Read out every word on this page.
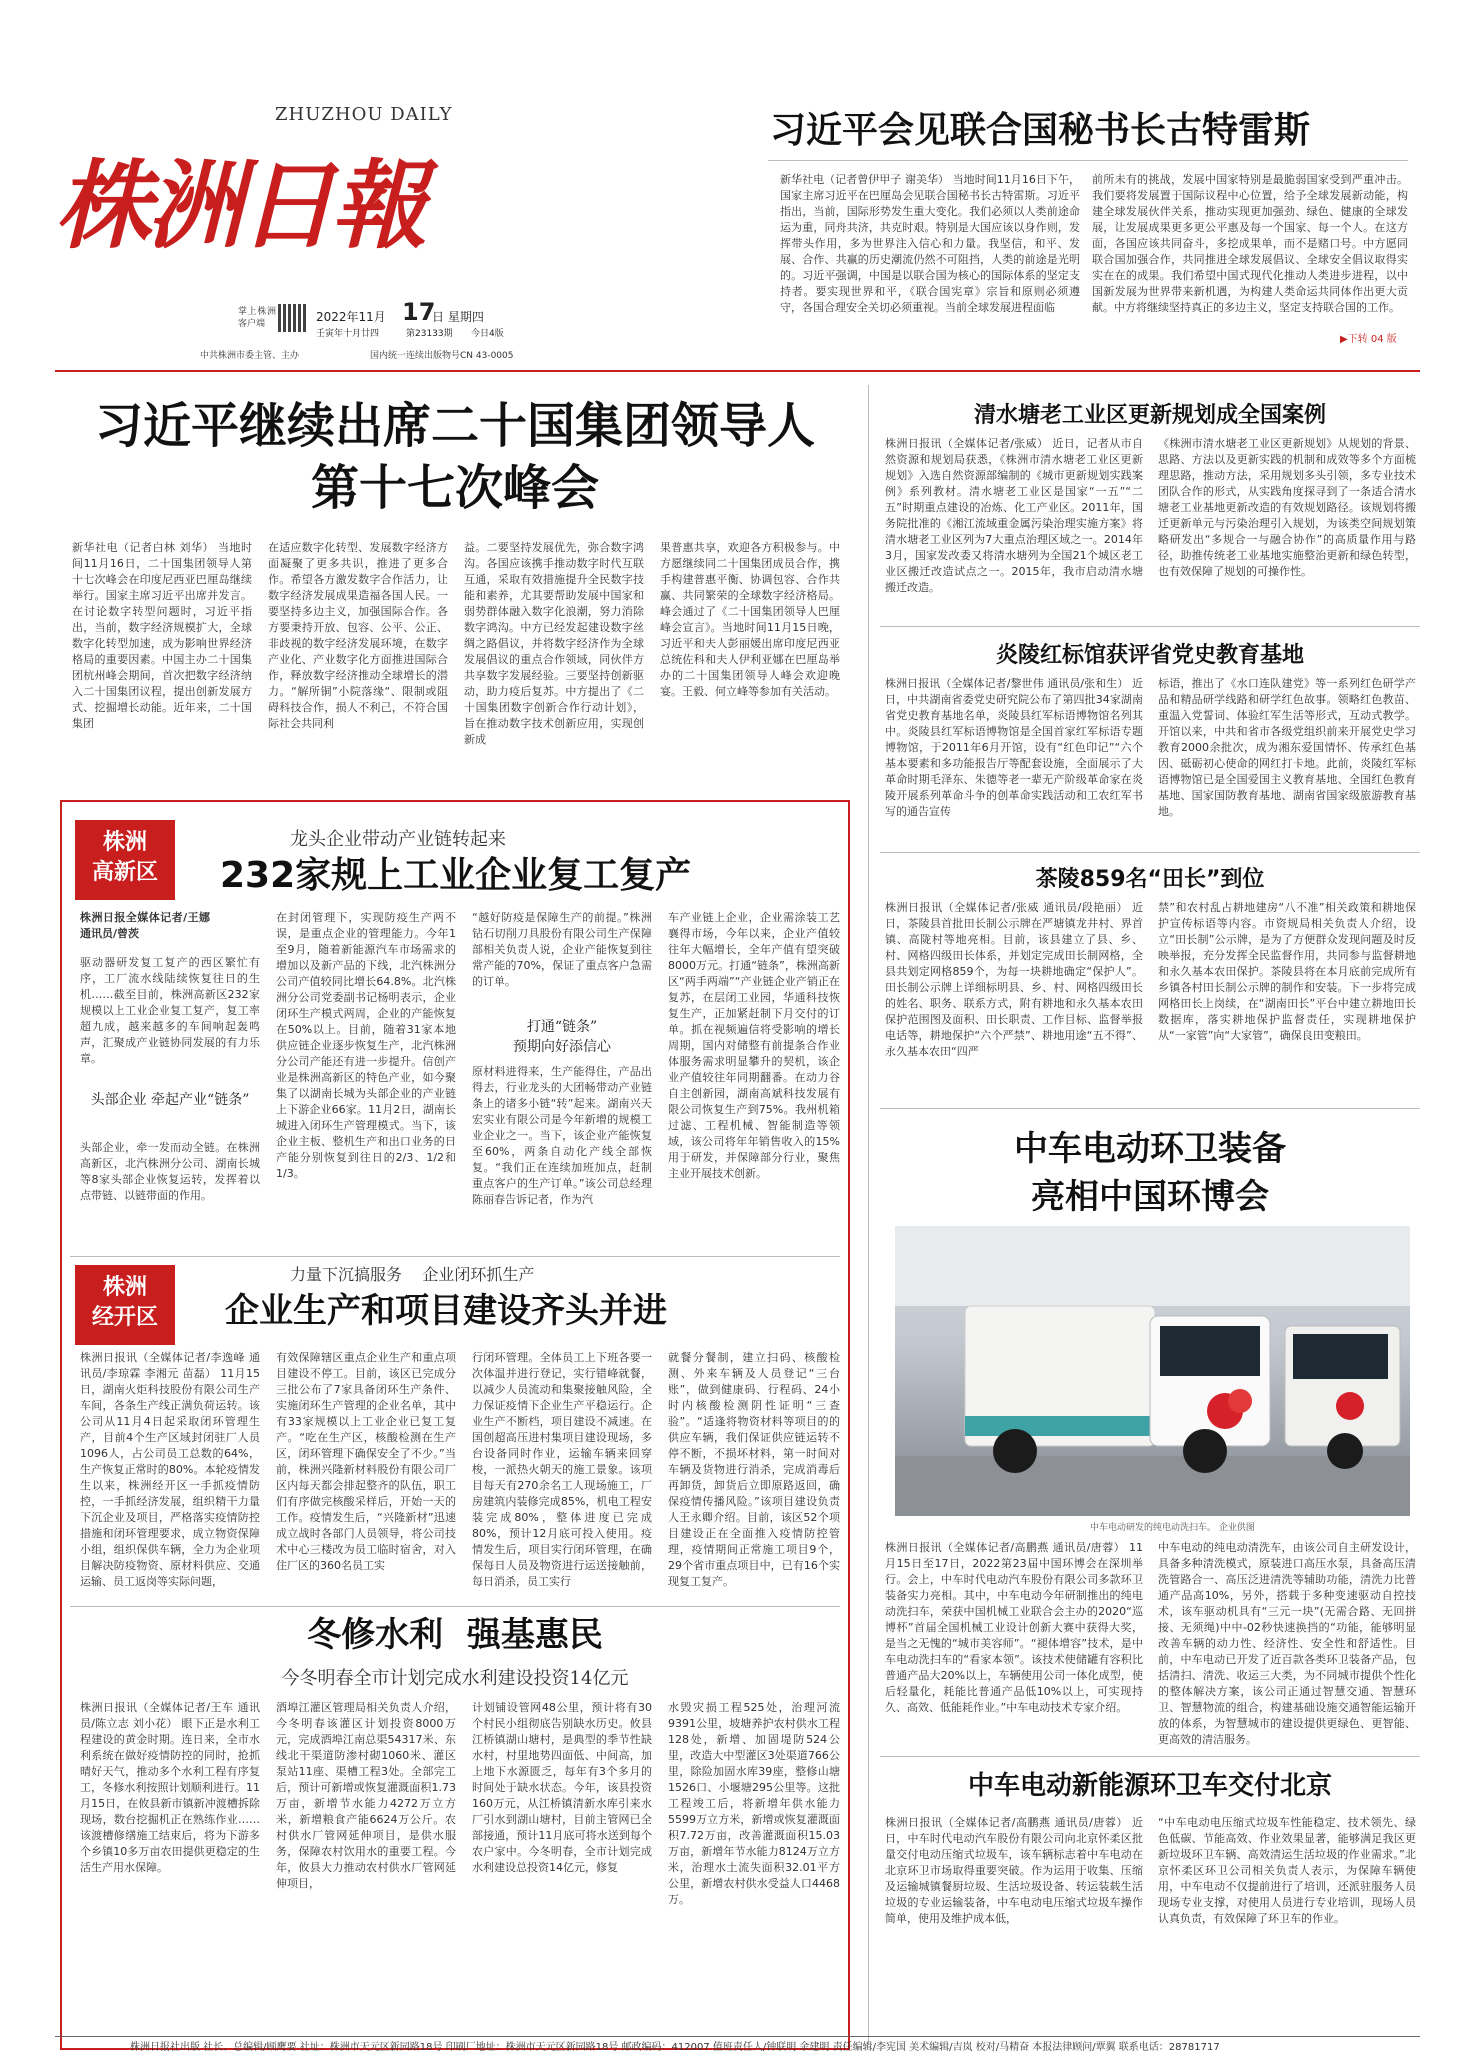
ZHUZHOU DAILY
株洲日報
掌上株洲客户端	2022年11月 17
日 星期四
壬寅年十月廿四	第23133期 今日4版
中共株洲市委主管、主办	国内统一连续出版物号CN 43-0005
习近平会见联合国秘书长古特雷斯
新华社电（记者曾伊甲子 谢美华） 当地时间11月16日下午，国家主席习近平在巴厘岛会见联合国秘书长古特雷斯。习近平指出，当前，国际形势发生重大变化。我们必须以人类前途命运为重，同舟共济，共克时艰。特别是大国应该以身作则，发挥带头作用，多为世界注入信心和力量。我坚信，和平、发展、合作、共赢的历史潮流仍然不可阻挡，人类的前途是光明的。习近平强调，中国是以联合国为核心的国际体系的坚定支持者。要实现世界和平，《联合国宪章》宗旨和原则必须遵守，各国合理安全关切必须重视。当前全球发展进程面临
前所未有的挑战，发展中国家特别是最脆弱国家受到严重冲击。我们要将发展置于国际议程中心位置，给予全球发展新动能，构建全球发展伙伴关系，推动实现更加强劲、绿色、健康的全球发展，让发展成果更多更公平惠及每一个国家、每一个人。在这方面，各国应该共同奋斗，多挖成果单，而不是赌口号。中方愿同联合国加强合作，共同推进全球发展倡议、全球安全倡议取得实实在在的成果。我们希望中国式现代化推动人类进步进程，以中国新发展为世界带来新机遇，为构建人类命运共同体作出更大贡献。中方将继续坚持真正的多边主义，坚定支持联合国的工作。
▶下转 04 版
习近平继续出席二十国集团领导人
第十七次峰会
新华社电（记者白林 刘华） 当地时间11月16日，二十国集团领导人第十七次峰会在印度尼西亚巴厘岛继续举行。国家主席习近平出席并发言。在讨论数字转型问题时，习近平指出，当前，数字经济规模扩大，全球数字化转型加速，成为影响世界经济格局的重要因素。中国主办二十国集团杭州峰会期间，首次把数字经济纳入二十国集团议程，提出创新发展方式、挖掘增长动能。近年来，二十国集团
在适应数字化转型、发展数字经济方面凝聚了更多共识，推进了更多合作。希望各方激发数字合作活力，让数字经济发展成果造福各国人民。一要坚持多边主义，加强国际合作。各方要秉持开放、包容、公平、公正、非歧视的数字经济发展环境，在数字产业化、产业数字化方面推进国际合作，释放数字经济推动全球增长的潜力。“解所铜”小院落缘“、限制或阻碍科技合作，损人不利己，不符合国际社会共同利
益。二要坚持发展优先，弥合数字鸿沟。各国应该携手推动数字时代互联互通，采取有效措施提升全民数字技能和素养，尤其要帮助发展中国家和弱势群体融入数字化浪潮，努力消除数字鸿沟。中方已经发起建设数字丝绸之路倡议，并将数字经济作为全球发展倡议的重点合作领域，同伙伴方共享数字发展经验。三要坚持创新驱动，助力疫后复苏。中方提出了《二十国集团数字创新合作行动计划》，旨在推动数字技术创新应用，实现创新成
果普惠共享，欢迎各方积极参与。中方愿继续同二十国集团成员合作，携手构建普惠平衡、协调包容、合作共赢、共同繁荣的全球数字经济格局。峰会通过了《二十国集团领导人巴厘峰会宣言》。当地时间11月15日晚，习近平和夫人彭丽媛出席印度尼西亚总统佐科和夫人伊利亚娜在巴厘岛举办的二十国集团领导人峰会欢迎晚宴。王毅、何立峰等参加有关活动。
清水塘老工业区更新规划成全国案例
株洲日报讯（全媒体记者/张威） 近日，记者从市自然资源和规划局获悉，《株洲市清水塘老工业区更新规划》入选自然资源部编制的《城市更新规划实践案例》系列教材。清水塘老工业区是国家“一五”“二五”时期重点建设的冶炼、化工产业区。2011年，国务院批准的《湘江流域重金属污染治理实施方案》将清水塘老工业区列为7大重点治理区域之一。2014年3月，国家发改委又将清水塘列为全国21个城区老工业区搬迁改造试点之一。2015年，我市启动清水塘搬迁改造。
《株洲市清水塘老工业区更新规划》从规划的背景、思路、方法以及更新实践的机制和成效等多个方面梳理思路，推动方法，采用规划多头引领，多专业技术团队合作的形式，从实践角度探寻到了一条适合清水塘老工业基地更新改造的有效规划路径。该规划将搬迁更新单元与污染治理引入规划，为该类空间规划策略研发出“多规合一与融合协作”的高质量作用与路径，助推传统老工业基地实施整治更新和绿色转型，也有效保障了规划的可操作性。
炎陵红标馆获评省党史教育基地
株洲日报讯（全媒体记者/黎世伟 通讯员/张和生） 近日，中共湖南省委党史研究院公布了第四批34家湖南省党史教育基地名单，炎陵县红军标语博物馆名列其中。炎陵县红军标语博物馆是全国首家红军标语专题博物馆，于2011年6月开馆，设有“红色印记”“六个基本要素和多功能报告厅等配套设施，全面展示了大革命时期毛泽东、朱德等老一辈无产阶级革命家在炎陵开展系列革命斗争的创革命实践活动和工农红军书写的通告宣传
标语，推出了《水口连队建党》等一系列红色研学产品和精品研学线路和研学红色故事。领略红色教苗、重温入党誓词、体验红军生活等形式，互动式教学。开馆以来，中共和省市各级党组织前来开展党史学习教育2000余批次，成为湘东爱国情怀、传承红色基因、砥砺初心使命的网红打卡地。此前，炎陵红军标语博物馆已是全国爱国主义教育基地、全国红色教育基地、国家国防教育基地、湖南省国家级旅游教育基地。
茶陵859名“田长”到位
株洲日报讯（全媒体记者/张威 通讯员/段艳丽） 近日，茶陵县首批田长制公示牌在严塘镇龙井村、界首镇、高陇村等地亮相。目前，该县建立了县、乡、村、网格四级田长体系，并划定完成田长制网格，全县共划定网格859个，为每一块耕地确定“保护人”。田长制公示牌上详细标明县、乡、村、网格四级田长的姓名、职务、联系方式，附有耕地和永久基本农田保护范围图及面积、田长职责、工作目标、监督举报电话等，耕地保护“六个严禁”、耕地用途“五不得”、永久基本农田“四严
禁”和农村乱占耕地建房“八不准”相关政策和耕地保护宣传标语等内容。市资规局相关负责人介绍，设立“田长制”公示牌，是为了方便群众发现问题及时反映举报，充分发挥全民监督作用，共同参与监督耕地和永久基本农田保护。茶陵县将在本月底前完成所有乡镇各村田长制公示牌的制作和安装。下一步将完成网格田长上岗续，在“湖南田长”平台中建立耕地田长数据库，落实耕地保护监督责任，实现耕地保护从“一家管”向“大家管”，确保良田变粮田。
株洲
高新区
龙头企业带动产业链转起来
232家规上工业企业复工复产
株洲日报全媒体记者/王娜 通讯员/曾茨
驱动器研发复工复产的西区繁忙有序，工厂流水线陆续恢复往日的生机……截至目前，株洲高新区232家规模以上工业企业复工复产，复工率超九成，越来越多的车间响起轰鸣声，汇聚成产业链协同发展的有力乐章。
头部企业 牵起产业“链条”
头部企业，牵一发而动全链。在株洲高新区，北汽株洲分公司、湖南长城等8家头部企业恢复运转，发挥着以点带链、以链带面的作用。
在封闭管理下，实现防疫生产两不误，是重点企业的管理能力。今年1至9月，随着新能源汽车市场需求的增加以及新产品的下线，北汽株洲分公司产值较同比增长64.8%。北汽株洲分公司党委副书记杨明表示，企业闭环生产模式两周，企业的产能恢复在50%以上。目前，随着31家本地供应链企业逐步恢复生产，北汽株洲分公司产能还有进一步提升。信创产业是株洲高新区的特色产业，如今聚集了以湖南长城为头部企业的产业链上下游企业66家。11月2日，湖南长城进入闭环生产管理模式。当下，该企业主板、整机生产和出口业务的日产能分别恢复到往日的2/3、1/2和1/3。
“越好防疫是保障生产的前提。”株洲钻石切削刀具股份有限公司生产保障部相关负责人说，企业产能恢复到往常产能的70%，保证了重点客户急需的订单。
打通“链条”
预期向好添信心
原材料进得来，生产能得住，产品出得去，行业龙头的大团畅带动产业链条上的诸多小链“转”起来。湖南兴天宏实业有限公司是今年新增的规模工业企业之一。当下，该企业产能恢复至60%，两条自动化产线全部恢复。“我们正在连续加班加点，赶制重点客户的生产订单。”该公司总经理陈丽春告诉记者，作为汽
车产业链上企业，企业需涂装工艺襄得市场，今年以来，企业产值较往年大幅增长，全年产值有望突破8000万元。打通“链条”，株洲高新区“两手两端”“产业链企业产销正在复苏，在层闭工业园，华通科技恢复生产，正加紧赶制下月交付的订单。抓在视频遍信将受影响的增长周期，国内对储整有前提条合作业体服务需求明显攀升的契机，该企业产值较往年同期翻番。在动力谷自主创新园，湖南高斌科技发展有限公司恢复生产到75%。我州机箱过滤、工程机械、智能制造等领域，该公司将年年销售收入的15%用于研发，并保障部分行业，聚焦主业开展技术创新。
株洲
经开区
力量下沉搞服务    企业闭环抓生产
企业生产和项目建设齐头并进
株洲日报讯（全媒体记者/李逸峰 通讯员/李琼霖 李湘元 苗磊） 11月15日，湖南火炬科技股份有限公司生产车间，各条生产线正满负荷运转。该公司从11月4日起采取闭环管理生产，目前4个生产区域封闭驻厂人员1096人，占公司员工总数的64%，生产恢复正常时的80%。本轮疫情发生以来，株洲经开区一手抓疫情防控，一手抓经济发展，组织精干力量下沉企业及项目，严格落实疫情防控措施和闭环管理要求，成立物资保障小组，组织保供车辆，全力为企业项目解决防疫物资、原材料供应、交通运输、员工返岗等实际问题，
有效保障辖区重点企业生产和重点项目建设不停工。目前，该区已完成分三批公布了7家具备闭环生产条件、实施闭环生产管理的企业名单，其中有33家规模以上工业企业已复工复产。“吃在生产区，核酸检测在生产区，闭环管理下确保安全了不少。”当前，株洲兴隆新材料股份有限公司厂区内每天都会排起整齐的队伍，职工们有序做完核酸采样后，开始一天的工作。疫情发生后，“兴隆新材”迅速成立战时各部门人员领导，将公司技术中心三楼改为员工临时宿舍，对入住厂区的360名员工实
行闭环管理。全体员工上下班各要一次体温并进行登记，实行错峰就餐，以减少人员流动和集聚接触风险，全力保证疫情下企业生产平稳运行。企业生产不断档，项目建设不减速。在国创超高压进村集项目建设现场，多台设备同时作业，运输车辆来回穿梭，一派热火朝天的施工景象。该项目每天有270余名工人现场施工，厂房建筑内装修完成85%，机电工程安装完成80%，整体进度已完成80%，预计12月底可投入使用。疫情发生后，项目实行闭环管理，在确保每日人员及物资进行运送接触前，每日消杀，员工实行
就餐分餐制，建立扫码、核酸检测、外来车辆及人员登记“三台账”，做到健康码、行程码、24小时内核酸检测阴性证明“三查验”。“适逢将物资材料等项目的的供应车辆，我们保证供应链运转不停不断，不损坏材料，第一时间对车辆及货物进行消杀，完成消毒后再卸货，卸货后立即原路返回，确保疫情传播风险。”该项目建设负责人王永卿介绍。目前，该区52个项目建设正在全面推入疫情防控管理，疫情期间正常施工项目9个，29个省市重点项目中，已有16个实现复工复产。
冬修水利  强基惠民
今冬明春全市计划完成水利建设投资14亿元
株洲日报讯（全媒体记者/王车 通讯员/陈立志 刘小花） 眼下正是水利工程建设的黄金时期。连日来，全市水利系统在做好疫情防控的同时，抢抓晴好天气，推动多个水利工程有序复工，冬修水利按照计划顺利进行。11月15日，在攸县新市镇新冲渡槽拆除现场，数台挖掘机正在熟练作业……该渡槽修缮施工结束后，将为下游多个乡镇10多万亩农田提供更稳定的生活生产用水保障。
酒埠江灌区管理局相关负责人介绍，今冬明春该灌区计划投资8000万元，完成酒埠江南总渠54317米、东线北干渠道防渗村砌1060米、灌区泵站11座、渠槽工程3处。全部完工后，预计可新增或恢复灌溉面积1.73万亩，新增节水能力4272万立方米，新增粮食产能6624万公斤。农村供水厂管网延伸项目，是供水服务，保障农村饮用水的重要工程。今年，攸县大力推动农村供水厂管网延伸项目，
计划铺设管网48公里，预计将有30个村民小组彻底告别缺水历史。攸县江桥镇湖山塘村，是典型的季节性缺水村，村里地势四面低、中间高，加上地下水源匮乏，每年有3个多月的时间处于缺水状态。今年，该县投资160万元，从江桥镇清新水库引来水厂引水到湖山塘村，目前主管网已全部接通，预计11月底可将水送到每个农户家中。今冬明春，全市计划完成水利建设总投资14亿元，修复
水毁灾损工程525处，治理河流9391公里，坡塘养护农村供水工程128处，新增、加固堤防524公里，改造大中型灌区3处渠道766公里，除险加固水库39座，整修山塘1526口、小堰塘295公里等。这批工程竣工后，将新增年供水能力5599万立方米，新增或恢复灌溉面积7.72万亩，改善灌溉面积15.03万亩，新增年节水能力8124万立方米，治理水土流失面积32.01平方公里，新增农村供水受益人口4468万。
中车电动环卫装备
亮相中国环博会
中车电动研发的纯电动洗扫车。 企业供图
株洲日报讯（全媒体记者/高鹏燕 通讯员/唐蓉） 11月15日至17日，2022第23届中国环博会在深圳举行。会上，中车时代电动汽车股份有限公司多款环卫装备实力亮相。其中，中车电动今年研制推出的纯电动洗扫车，荣获中国机械工业联合会主办的2020“巡博杯”首届全国机械工业设计创新大赛中获得大奖，是当之无愧的“城市美容师”。“褪体增容”技术，是中车电动洗扫车的“看家本领”。该技术使储罐有容积比普通产品大20%以上，车辆使用公司一体化成型，使后轻量化，耗能比普通产品低10%以上，可实现持久、高效、低能耗作业。”中车电动技术专家介绍。
中车电动的纯电动清洗车，由该公司自主研发设计，具备多种清洗模式，原装进口高压水泵，具备高压清洗管路合一、高压泛进清洗等辅助功能，清洗力比普通产品高10%，另外，搭载于多种变速驱动自控技术，该车驱动机具有“三元一块”(无需合路、无回拼接、无须绳)中中-02秒快速换挡的“功能，能够明显改善车辆的动力性、经济性、安全性和舒适性。目前，中车电动已开发了近百款各类环卫装备产品，包括清扫、清洗、收运三大类，为不同城市提供个性化的整体解决方案，该公司正通过智慧交通、智慧环卫、智慧物流的组合，构建基础设施交通智能运输开放的体系，为智慧城市的建设提供更绿色、更智能、更高效的清洁服务。
中车电动新能源环卫车交付北京
株洲日报讯（全媒体记者/高鹏燕 通讯员/唐蓉） 近日，中车时代电动汽车股份有限公司向北京怀柔区批量交付电动压缩式垃圾车，该车辆标志着中车电动在北京环卫市场取得重要突破。作为运用于收集、压缩及运输城镇餐厨垃圾、生活垃圾设备、转运装载生活垃圾的专业运输装备，中车电动电压缩式垃圾车操作简单，使用及维护成本低，
“中车电动电压缩式垃圾车性能稳定、技术领先、绿色低碳、节能高效、作业效果显著，能够满足我区更新垃圾环卫车辆、高效清运生活垃圾的作业需求。”北京怀柔区环卫公司相关负责人表示，为保障车辆使用，中车电动不仅提前进行了培训，还派驻服务人员现场专业支撑，对使用人员进行专业培训，现场人员认真负责，有效保障了环卫车的作业。
株洲日报社出版 社长、总编辑/顾鹰要 社址：株洲市天元区新园路18号 印刷厂地址：株洲市天元区新园路18号 邮政编码：412007 值班责任人/钟联明 余建明 责任编辑/李宪国 美术编辑/吉岚 校对/马精奋 本报法律顾问/覃翼 联系电话：28781717
